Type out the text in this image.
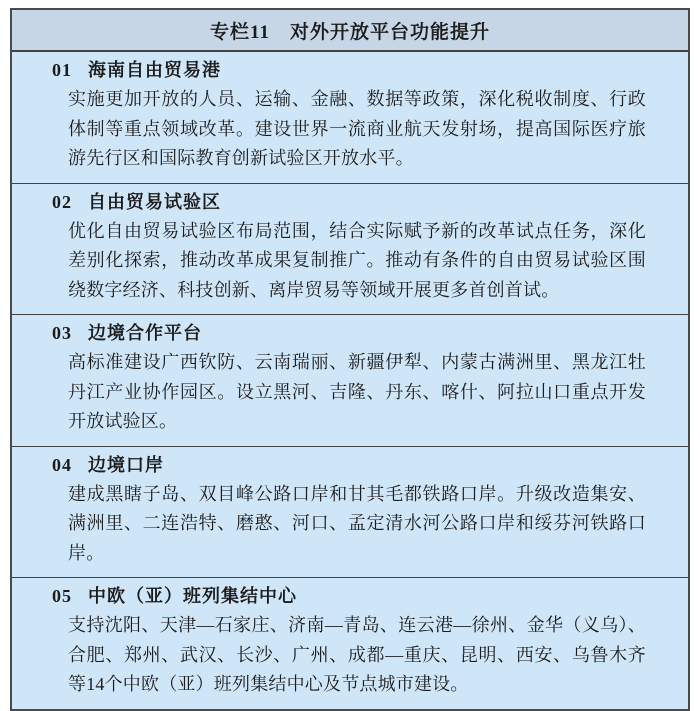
专栏11　对外开放平台功能提升
01 海南自由贸易港
实施更加开放的人员、运输、金融、数据等政策，深化税收制度、行政体制等重点领域改革。建设世界一流商业航天发射场，提高国际医疗旅游先行区和国际教育创新试验区开放水平。
02 自由贸易试验区
优化自由贸易试验区布局范围，结合实际赋予新的改革试点任务，深化差别化探索，推动改革成果复制推广。推动有条件的自由贸易试验区围绕数字经济、科技创新、离岸贸易等领域开展更多首创首试。
03 边境合作平台
高标准建设广西钦防、云南瑞丽、新疆伊犁、内蒙古满洲里、黑龙江牡丹江产业协作园区。设立黑河、吉隆、丹东、喀什、阿拉山口重点开发开放试验区。
04 边境口岸
建成黑瞎子岛、双目峰公路口岸和甘其毛都铁路口岸。升级改造集安、满洲里、二连浩特、磨憨、河口、孟定清水河公路口岸和绥芬河铁路口岸。
05 中欧（亚）班列集结中心
支持沈阳、天津—石家庄、济南—青岛、连云港—徐州、金华（义乌）、合肥、郑州、武汉、长沙、广州、成都—重庆、昆明、西安、乌鲁木齐等14个中欧（亚）班列集结中心及节点城市建设。
